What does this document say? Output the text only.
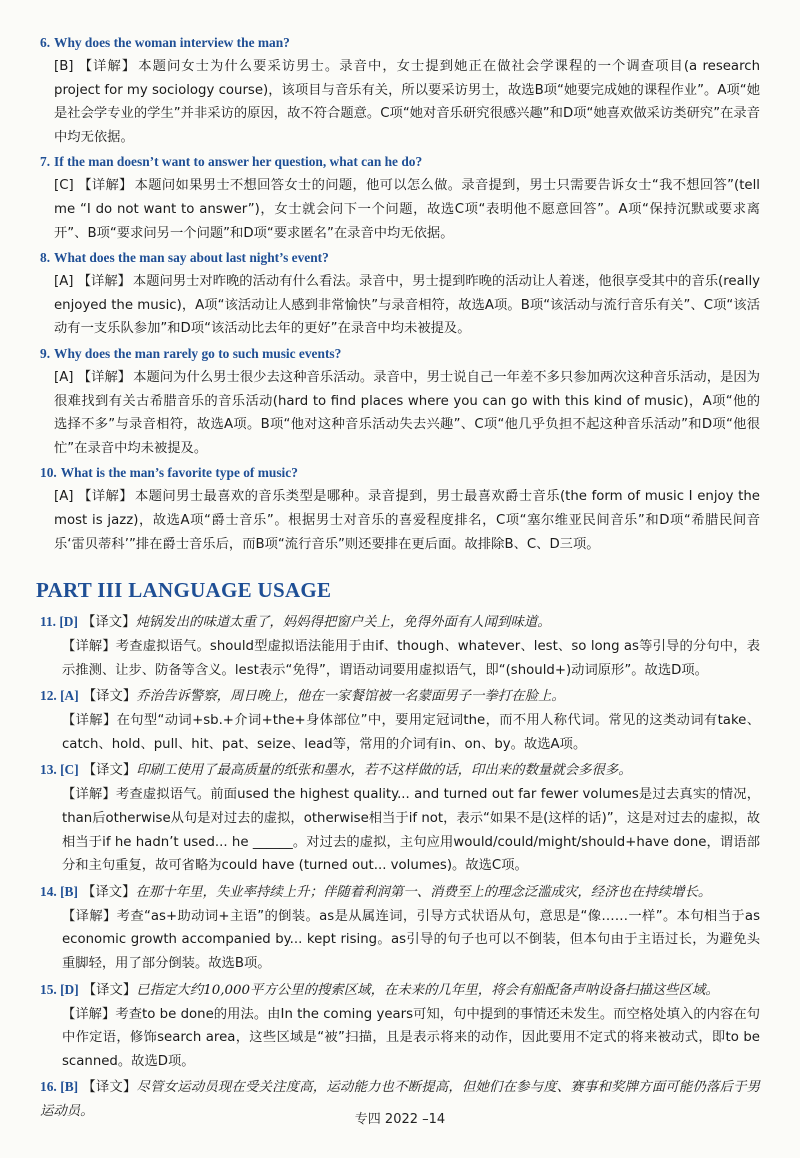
6. Why does the woman interview the man?
[B] 【详解】 本题问女士为什么要采访男士。录音中，女士提到她正在做社会学课程的一个调查项目(a research project for my sociology course)，该项目与音乐有关，所以要采访男士，故选B项“她要完成她的课程作业”。A项“她是社会学专业的学生”并非采访的原因，故不符合题意。C项“她对音乐研究很感兴趣”和D项“她喜欢做采访类研究”在录音中均无依据。
7. If the man doesn’t want to answer her question, what can he do?
[C] 【详解】 本题问如果男士不想回答女士的问题，他可以怎么做。录音提到，男士只需要告诉女士“我不想回答”(tell me “I do not want to answer”)，女士就会问下一个问题，故选C项“表明他不愿意回答”。A项“保持沉默或要求离开”、B项“要求问另一个问题”和D项“要求匿名”在录音中均无依据。
8. What does the man say about last night’s event?
[A] 【详解】 本题问男士对昨晚的活动有什么看法。录音中，男士提到昨晚的活动让人着迷，他很享受其中的音乐(really enjoyed the music)，A项“该活动让人感到非常愉快”与录音相符，故选A项。B项“该活动与流行音乐有关”、C项“该活动有一支乐队参加”和D项“该活动比去年的更好”在录音中均未被提及。
9. Why does the man rarely go to such music events?
[A] 【详解】 本题问为什么男士很少去这种音乐活动。录音中，男士说自己一年差不多只参加两次这种音乐活动，是因为很难找到有关古希腊音乐的音乐活动(hard to find places where you can go with this kind of music)，A项“他的选择不多”与录音相符，故选A项。B项“他对这种音乐活动失去兴趣”、C项“他几乎负担不起这种音乐活动”和D项“他很忙”在录音中均未被提及。
10. What is the man’s favorite type of music?
[A] 【详解】 本题问男士最喜欢的音乐类型是哪种。录音提到，男士最喜欢爵士音乐(the form of music I enjoy the most is jazz)，故选A项“爵士音乐”。根据男士对音乐的喜爱程度排名，C项“塞尔维亚民间音乐”和D项“希腊民间音乐‘雷贝蒂科’”排在爵士音乐后，而B项“流行音乐”则还要排在更后面。故排除B、C、D三项。
PART III LANGUAGE USAGE
11. [D] 【译文】炖锅发出的味道太重了，妈妈得把窗户关上，免得外面有人闻到味道。
【详解】考查虚拟语气。should型虚拟语法能用于由if、though、whatever、lest、so long as等引导的分句中，表示推测、让步、防备等含义。lest表示“免得”，谓语动词要用虚拟语气，即“(should+)动词原形”。故选D项。
12. [A] 【译文】乔治告诉警察，周日晚上，他在一家餐馆被一名蒙面男子一拳打在脸上。
【详解】在句型“动词+sb.+介词+the+身体部位”中，要用定冠词the，而不用人称代词。常见的这类动词有take、catch、hold、pull、hit、pat、seize、lead等，常用的介词有in、on、by。故选A项。
13. [C] 【译文】印刷工使用了最高质量的纸张和墨水，若不这样做的话，印出来的数量就会多很多。
【详解】考查虚拟语气。前面used the highest quality... and turned out far fewer volumes是过去真实的情况，than后otherwise从句是对过去的虚拟，otherwise相当于if not，表示“如果不是(这样的话)”，这是对过去的虚拟，故相当于if he hadn’t used... he ______。对过去的虚拟，主句应用would/could/might/should+have done，谓语部分和主句重复，故可省略为could have (turned out... volumes)。故选C项。
14. [B] 【译文】在那十年里，失业率持续上升；伴随着利润第一、消费至上的理念泛滥成灾，经济也在持续增长。
【译解】考查“as+助动词+主语”的倒装。as是从属连词，引导方式状语从句，意思是“像……一样”。本句相当于as economic growth accompanied by... kept rising。as引导的句子也可以不倒装，但本句由于主语过长，为避免头重脚轻，用了部分倒装。故选B项。
15. [D] 【译文】已指定大约10,000平方公里的搜索区域，在未来的几年里，将会有船配备声呐设备扫描这些区域。
【详解】考查to be done的用法。由In the coming years可知，句中提到的事情还未发生。而空格处填入的内容在句中作定语，修饰search area，这些区域是“被”扫描，且是表示将来的动作，因此要用不定式的将来被动式，即to be scanned。故选D项。
16. [B] 【译文】尽管女运动员现在受关注度高，运动能力也不断提高，但她们在参与度、赛事和奖牌方面可能仍落后于男运动员。
专四 2022 –14
